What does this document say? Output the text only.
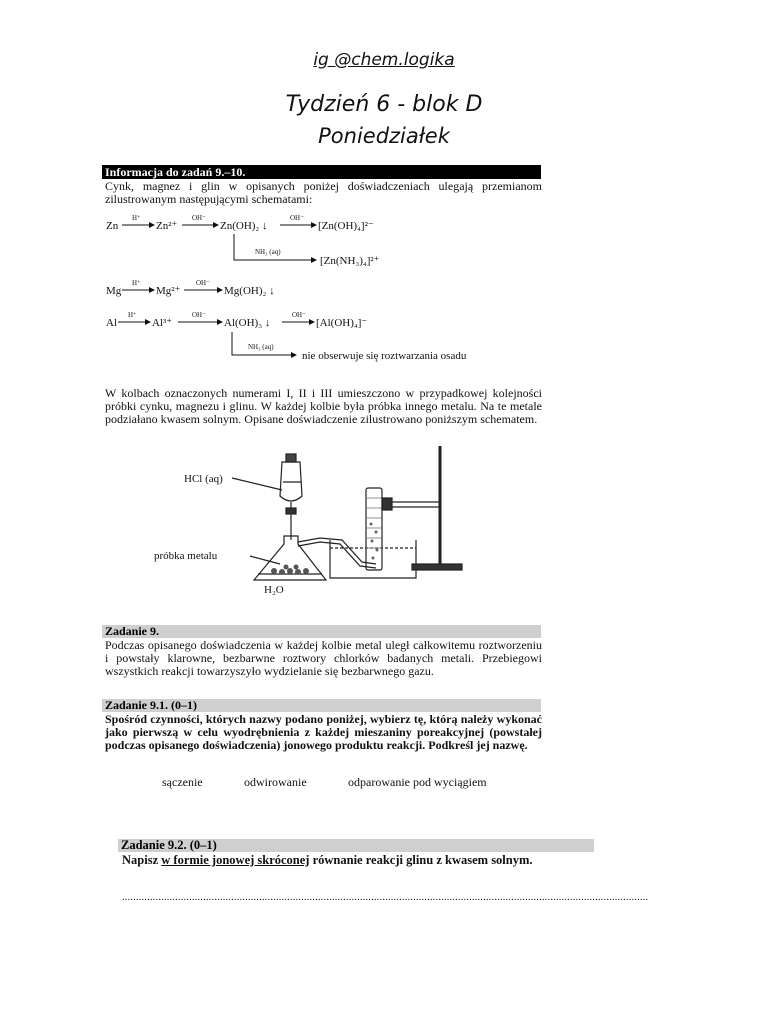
ig @chem.logika
Tydzień 6 - blok D
Poniedziałek
Informacja do zadań 9.–10.
Cynk, magnez i glin w opisanych poniżej doświadczeniach ulegają przemianom zilustrowanym następującymi schematami:
Zn
H⁺
Zn²⁺
OH⁻
Zn(OH)₂ ↓
OH⁻
[Zn(OH)₄]²⁻
NH₃ (aq)
[Zn(NH₃)₄]²⁺
Mg
H⁺
Mg²⁺
OH⁻
Mg(OH)₂ ↓
Al
H⁺
Al³⁺
OH⁻
Al(OH)₃ ↓
OH⁻
[Al(OH)₄]⁻
NH₃ (aq)
nie obserwuje się roztwarzania osadu
W kolbach oznaczonych numerami I, II i III umieszczono w przypadkowej kolejności próbki cynku, magnezu i glinu. W każdej kolbie była próbka innego metalu. Na te metale podziałano kwasem solnym. Opisane doświadczenie zilustrowano poniższym schematem.
HCl (aq)
próbka metalu
H₂O
Zadanie 9.
Podczas opisanego doświadczenia w każdej kolbie metal uległ całkowitemu roztworzeniu i powstały klarowne, bezbarwne roztwory chlorków badanych metali. Przebiegowi wszystkich reakcji towarzyszyło wydzielanie się bezbarwnego gazu.
Zadanie 9.1. (0–1)
Spośród czynności, których nazwy podano poniżej, wybierz tę, którą należy wykonać jako pierwszą w celu wyodrębnienia z każdej mieszaniny poreakcyjnej (powstałej podczas opisanego doświadczenia) jonowego produktu reakcji. Podkreśl jej nazwę.
sączenie	odwirowanie	odparowanie pod wyciągiem
Zadanie 9.2. (0–1)
Napisz w formie jonowej skróconej równanie reakcji glinu z kwasem solnym.
............................................................................................................................................................................................
